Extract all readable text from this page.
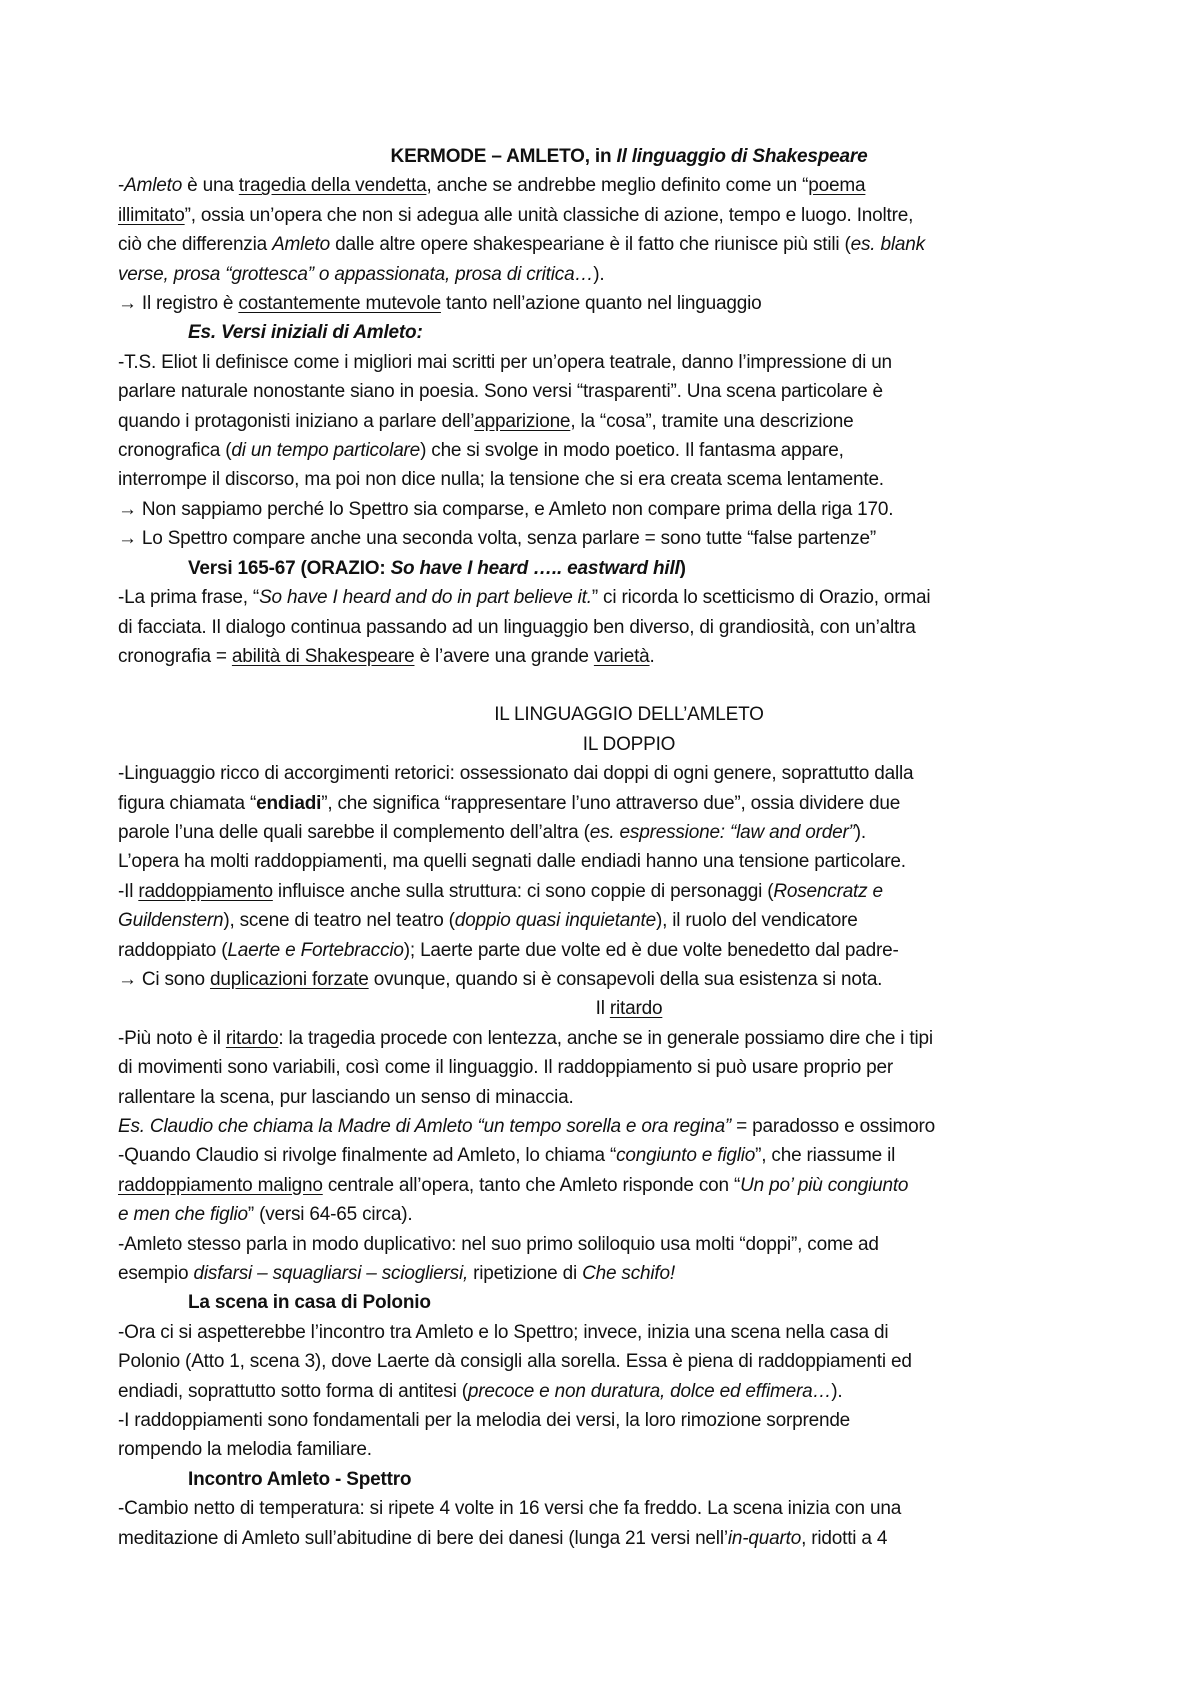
KERMODE – AMLETO, in Il linguaggio di Shakespeare
-Amleto è una tragedia della vendetta, anche se andrebbe meglio definito come un “poema
illimitato”, ossia un’opera che non si adegua alle unità classiche di azione, tempo e luogo. Inoltre,
ciò che differenzia Amleto dalle altre opere shakespeariane è il fatto che riunisce più stili (es. blank
verse, prosa “grottesca” o appassionata, prosa di critica…).
→ Il registro è costantemente mutevole tanto nell’azione quanto nel linguaggio
Es. Versi iniziali di Amleto:
-T.S. Eliot li definisce come i migliori mai scritti per un’opera teatrale, danno l’impressione di un
parlare naturale nonostante siano in poesia. Sono versi “trasparenti”. Una scena particolare è
quando i protagonisti iniziano a parlare dell’apparizione, la “cosa”, tramite una descrizione
cronografica (di un tempo particolare) che si svolge in modo poetico. Il fantasma appare,
interrompe il discorso, ma poi non dice nulla; la tensione che si era creata scema lentamente.
→ Non sappiamo perché lo Spettro sia comparse, e Amleto non compare prima della riga 170.
→ Lo Spettro compare anche una seconda volta, senza parlare = sono tutte “false partenze”
Versi 165-67 (ORAZIO: So have I heard ….. eastward hill)
-La prima frase, “So have I heard and do in part believe it.” ci ricorda lo scetticismo di Orazio, ormai
di facciata. Il dialogo continua passando ad un linguaggio ben diverso, di grandiosità, con un’altra
cronografia = abilità di Shakespeare è l’avere una grande varietà.
IL LINGUAGGIO DELL’AMLETO
IL DOPPIO
-Linguaggio ricco di accorgimenti retorici: ossessionato dai doppi di ogni genere, soprattutto dalla
figura chiamata “endiadi”, che significa “rappresentare l’uno attraverso due”, ossia dividere due
parole l’una delle quali sarebbe il complemento dell’altra (es. espressione: “law and order”).
L’opera ha molti raddoppiamenti, ma quelli segnati dalle endiadi hanno una tensione particolare.
-Il raddoppiamento influisce anche sulla struttura: ci sono coppie di personaggi (Rosencratz e
Guildenstern), scene di teatro nel teatro (doppio quasi inquietante), il ruolo del vendicatore
raddoppiato (Laerte e Fortebraccio); Laerte parte due volte ed è due volte benedetto dal padre-
→ Ci sono duplicazioni forzate ovunque, quando si è consapevoli della sua esistenza si nota.
Il ritardo
-Più noto è il ritardo: la tragedia procede con lentezza, anche se in generale possiamo dire che i tipi
di movimenti sono variabili, così come il linguaggio. Il raddoppiamento si può usare proprio per
rallentare la scena, pur lasciando un senso di minaccia.
Es. Claudio che chiama la Madre di Amleto “un tempo sorella e ora regina” = paradosso e ossimoro
-Quando Claudio si rivolge finalmente ad Amleto, lo chiama “congiunto e figlio”, che riassume il
raddoppiamento maligno centrale all’opera, tanto che Amleto risponde con “Un po’ più congiunto
e men che figlio” (versi 64-65 circa).
-Amleto stesso parla in modo duplicativo: nel suo primo soliloquio usa molti “doppi”, come ad
esempio disfarsi – squagliarsi – sciogliersi, ripetizione di Che schifo!
La scena in casa di Polonio
-Ora ci si aspetterebbe l’incontro tra Amleto e lo Spettro; invece, inizia una scena nella casa di
Polonio (Atto 1, scena 3), dove Laerte dà consigli alla sorella. Essa è piena di raddoppiamenti ed
endiadi, soprattutto sotto forma di antitesi (precoce e non duratura, dolce ed effimera…).
-I raddoppiamenti sono fondamentali per la melodia dei versi, la loro rimozione sorprende
rompendo la melodia familiare.
Incontro Amleto - Spettro
-Cambio netto di temperatura: si ripete 4 volte in 16 versi che fa freddo. La scena inizia con una
meditazione di Amleto sull’abitudine di bere dei danesi (lunga 21 versi nell’in-quarto, ridotti a 4
